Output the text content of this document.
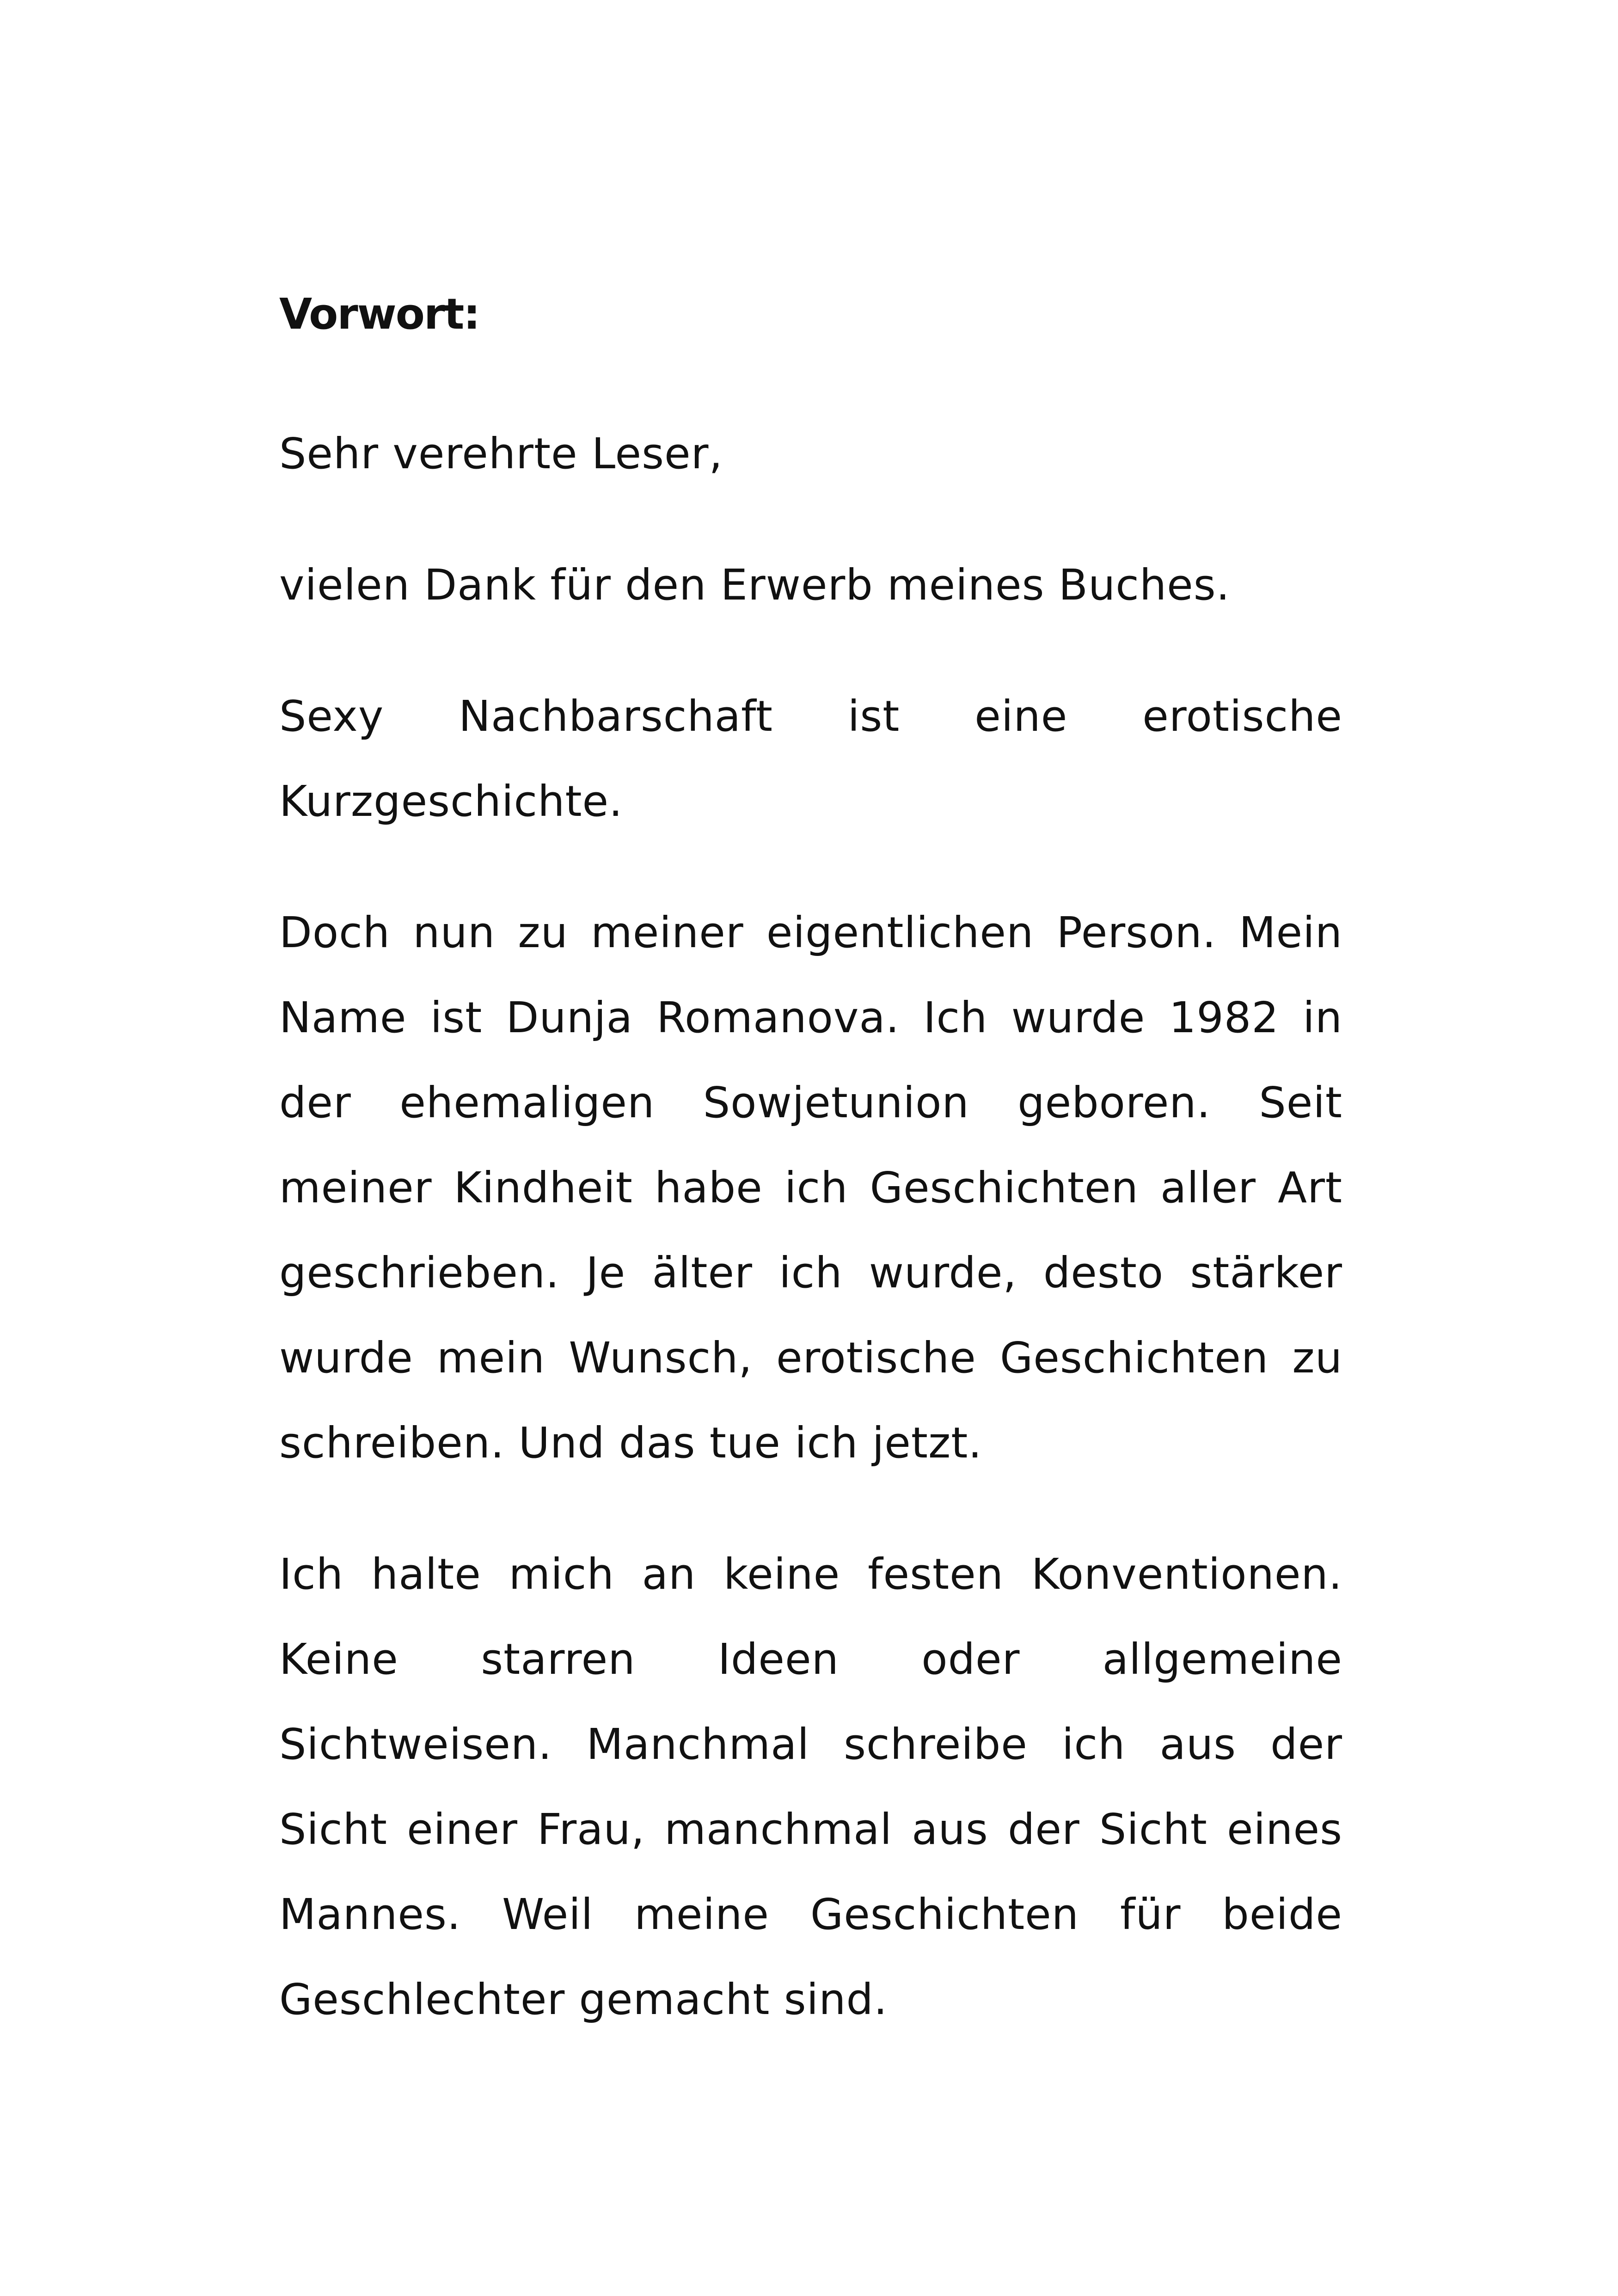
Vorwort:

Sehr verehrte Leser,

vielen Dank für den Erwerb meines Buches.

Sexy Nachbarschaft ist eine erotische Kurzgeschichte.

Doch nun zu meiner eigentlichen Person. Mein Name ist Dunja Romanova. Ich wurde 1982 in der ehemaligen Sowjetunion geboren. Seit meiner Kindheit habe ich Geschichten aller Art geschrieben. Je älter ich wurde, desto stärker wurde mein Wunsch, erotische Geschichten zu schreiben. Und das tue ich jetzt.

Ich halte mich an keine festen Konventionen. Keine starren Ideen oder allgemeine Sichtweisen. Manchmal schreibe ich aus der Sicht einer Frau, manchmal aus der Sicht eines Mannes. Weil meine Geschichten für beide Geschlechter gemacht sind.
